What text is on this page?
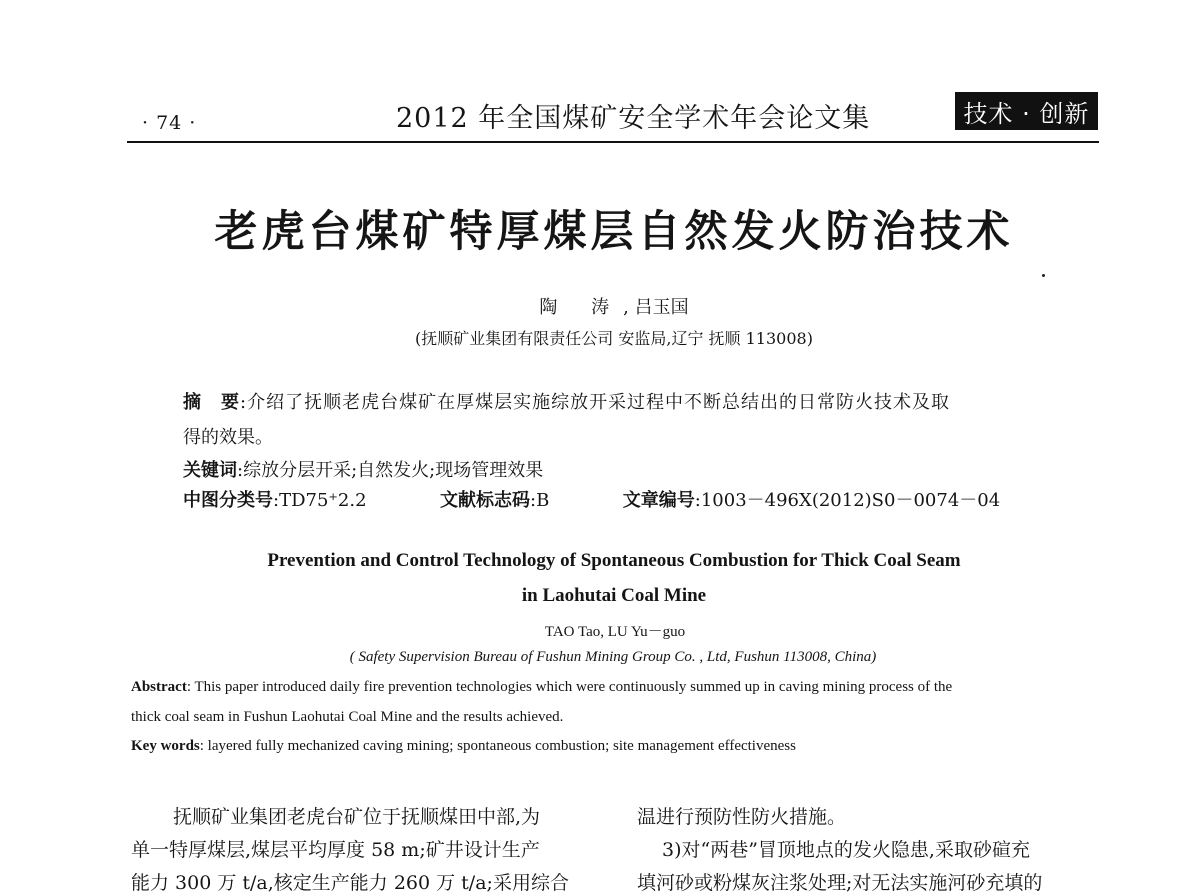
· 74 ·	2012 年全国煤矿安全学术年会论文集	技术 · 创新
老虎台煤矿特厚煤层自然发火防治技术
陶 涛, 吕玉国
(抚顺矿业集团有限责任公司 安监局,辽宁 抚顺 113008)
摘　要:介绍了抚顺老虎台煤矿在厚煤层实施综放开采过程中不断总结出的日常防火技术及取
得的效果。
关键词:综放分层开采;自然发火;现场管理效果
中图分类号:TD75⁺2.2	文献标志码:B	文章编号:1003－496X(2012)S0－0074－04
Prevention and Control Technology of Spontaneous Combustion for Thick Coal Seam
in Laohutai Coal Mine
TAO Tao, LU Yu－guo
( Safety Supervision Bureau of Fushun Mining Group Co. , Ltd, Fushun 113008, China)
Abstract: This paper introduced daily fire prevention technologies which were continuously summed up in caving mining process of the
thick coal seam in Fushun Laohutai Coal Mine and the results achieved.
Key words: layered fully mechanized caving mining; spontaneous combustion; site management effectiveness
抚顺矿业集团老虎台矿位于抚顺煤田中部,为
单一特厚煤层,煤层平均厚度 58 m;矿井设计生产
能力 300 万 t/a,核定生产能力 260 万 t/a;采用综合
温进行预防性防火措施。
3)对“两巷”冒顶地点的发火隐患,采取砂碹充
填河砂或粉煤灰注浆处理;对无法实施河砂充填的
